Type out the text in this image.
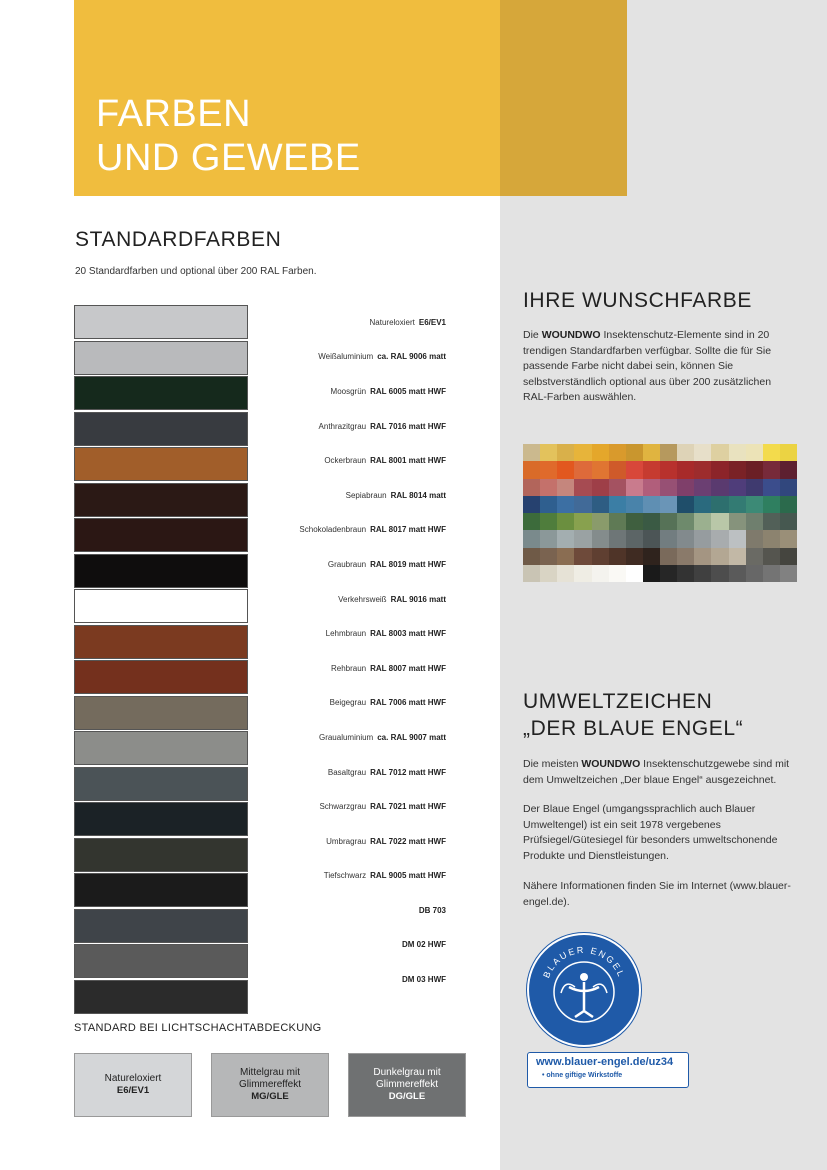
FARBEN
UND GEWEBE
STANDARDFARBEN
20 Standardfarben und optional über 200 RAL Farben.
Natureloxiert E6/EV1
Weißaluminium ca. RAL 9006 matt
Moosgrün RAL 6005 matt HWF
Anthrazitgrau RAL 7016 matt HWF
Ockerbraun RAL 8001 matt HWF
Sepiabraun RAL 8014 matt
Schokoladenbraun RAL 8017 matt HWF
Graubraun RAL 8019 matt HWF
Verkehrsweiß RAL 9016 matt
Lehmbraun RAL 8003 matt HWF
Rehbraun RAL 8007 matt HWF
Beigegrau RAL 7006 matt HWF
Graualuminium ca. RAL 9007 matt
Basaltgrau RAL 7012 matt HWF
Schwarzgrau RAL 7021 matt HWF
Umbragrau RAL 7022 matt HWF
Tiefschwarz RAL 9005 matt HWF
DB 703
DM 02 HWF
DM 03 HWF
STANDARD BEI LICHTSCHACHTABDECKUNG
Natureloxiert
E6/EV1
Mittelgrau mit
Glimmereffekt
MG/GLE
Dunkelgrau mit
Glimmereffekt
DG/GLE
IHRE WUNSCHFARBE

Die WOUNDWO Insektenschutz-Elemente sind in 20 trendigen Standardfarben verfügbar. Sollte die für Sie passende Farbe nicht dabei sein, können Sie selbstverständlich optional aus über 200 zusätzlichen RAL-Farben auswählen.

UMWELTZEICHEN
„DER BLAUE ENGEL“

Die meisten WOUNDWO Insektenschutzgewebe sind mit dem Umweltzeichen „Der blaue Engel“ ausgezeichnet.

Der Blaue Engel (umgangssprachlich auch Blauer Umweltengel) ist ein seit 1978 vergebenes Prüfsiegel/Gütesiegel für besonders umweltschonende Produkte und Dienstleistungen.

Nähere Informationen finden Sie im Internet (www.blauer-engel.de).

BLAUER ENGEL
www.blauer-engel.de/uz34
• ohne giftige Wirkstoffe
